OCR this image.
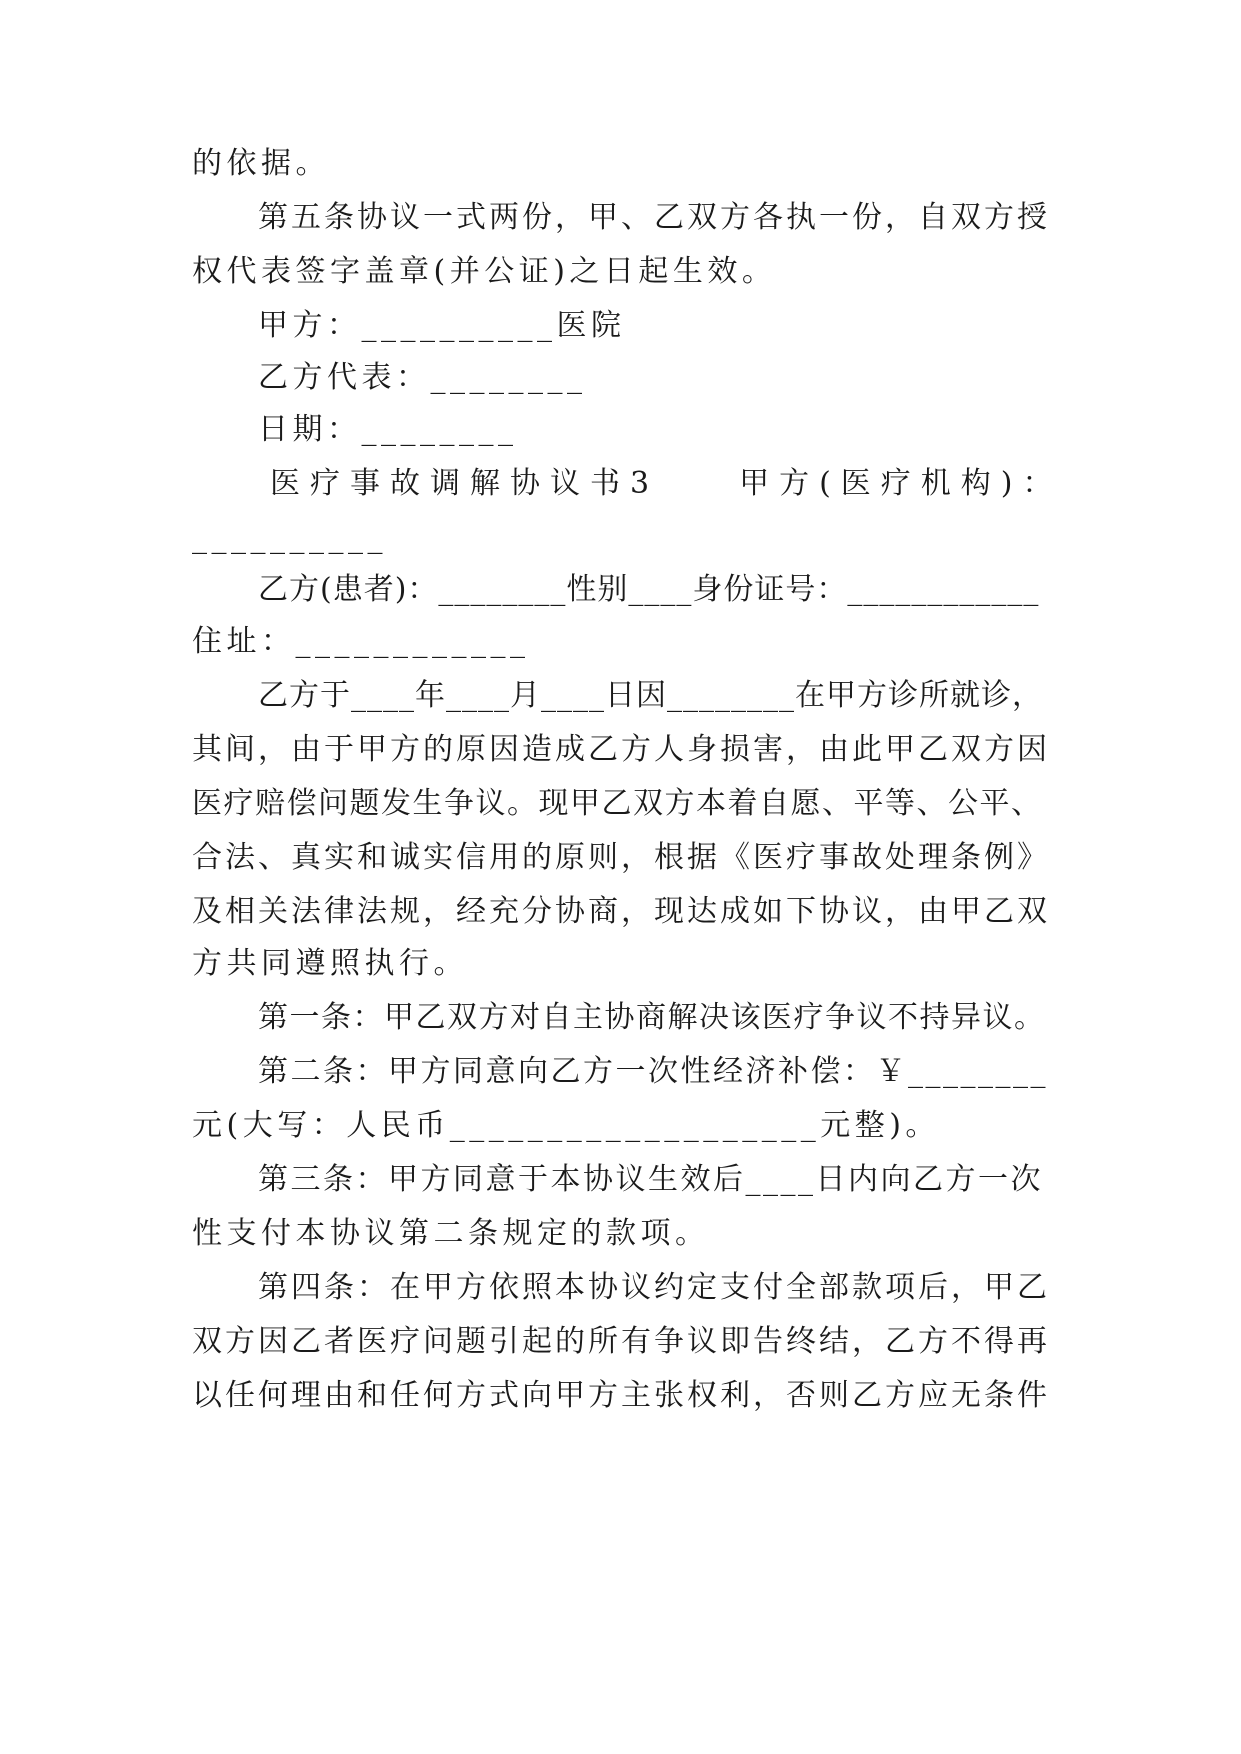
的依据。
第五条协议一式两份，甲、乙双方各执一份，自双方授
权代表签字盖章(并公证)之日起生效。
甲方：__________医院
乙方代表：________
日期：________
医疗事故调解协议书3　　甲方(医疗机构)：
__________
乙方(患者)：________性别____身份证号：____________
住址：____________
乙方于____年____月____日因________在甲方诊所就诊，
其间，由于甲方的原因造成乙方人身损害，由此甲乙双方因
医疗赔偿问题发生争议。现甲乙双方本着自愿、平等、公平、
合法、真实和诚实信用的原则，根据《医疗事故处理条例》
及相关法律法规，经充分协商，现达成如下协议，由甲乙双
方共同遵照执行。
第一条：甲乙双方对自主协商解决该医疗争议不持异议。
第二条：甲方同意向乙方一次性经济补偿：￥________
元(大写：人民币___________________元整)。
第三条：甲方同意于本协议生效后____日内向乙方一次
性支付本协议第二条规定的款项。
第四条：在甲方依照本协议约定支付全部款项后，甲乙
双方因乙者医疗问题引起的所有争议即告终结，乙方不得再
以任何理由和任何方式向甲方主张权利，否则乙方应无条件
